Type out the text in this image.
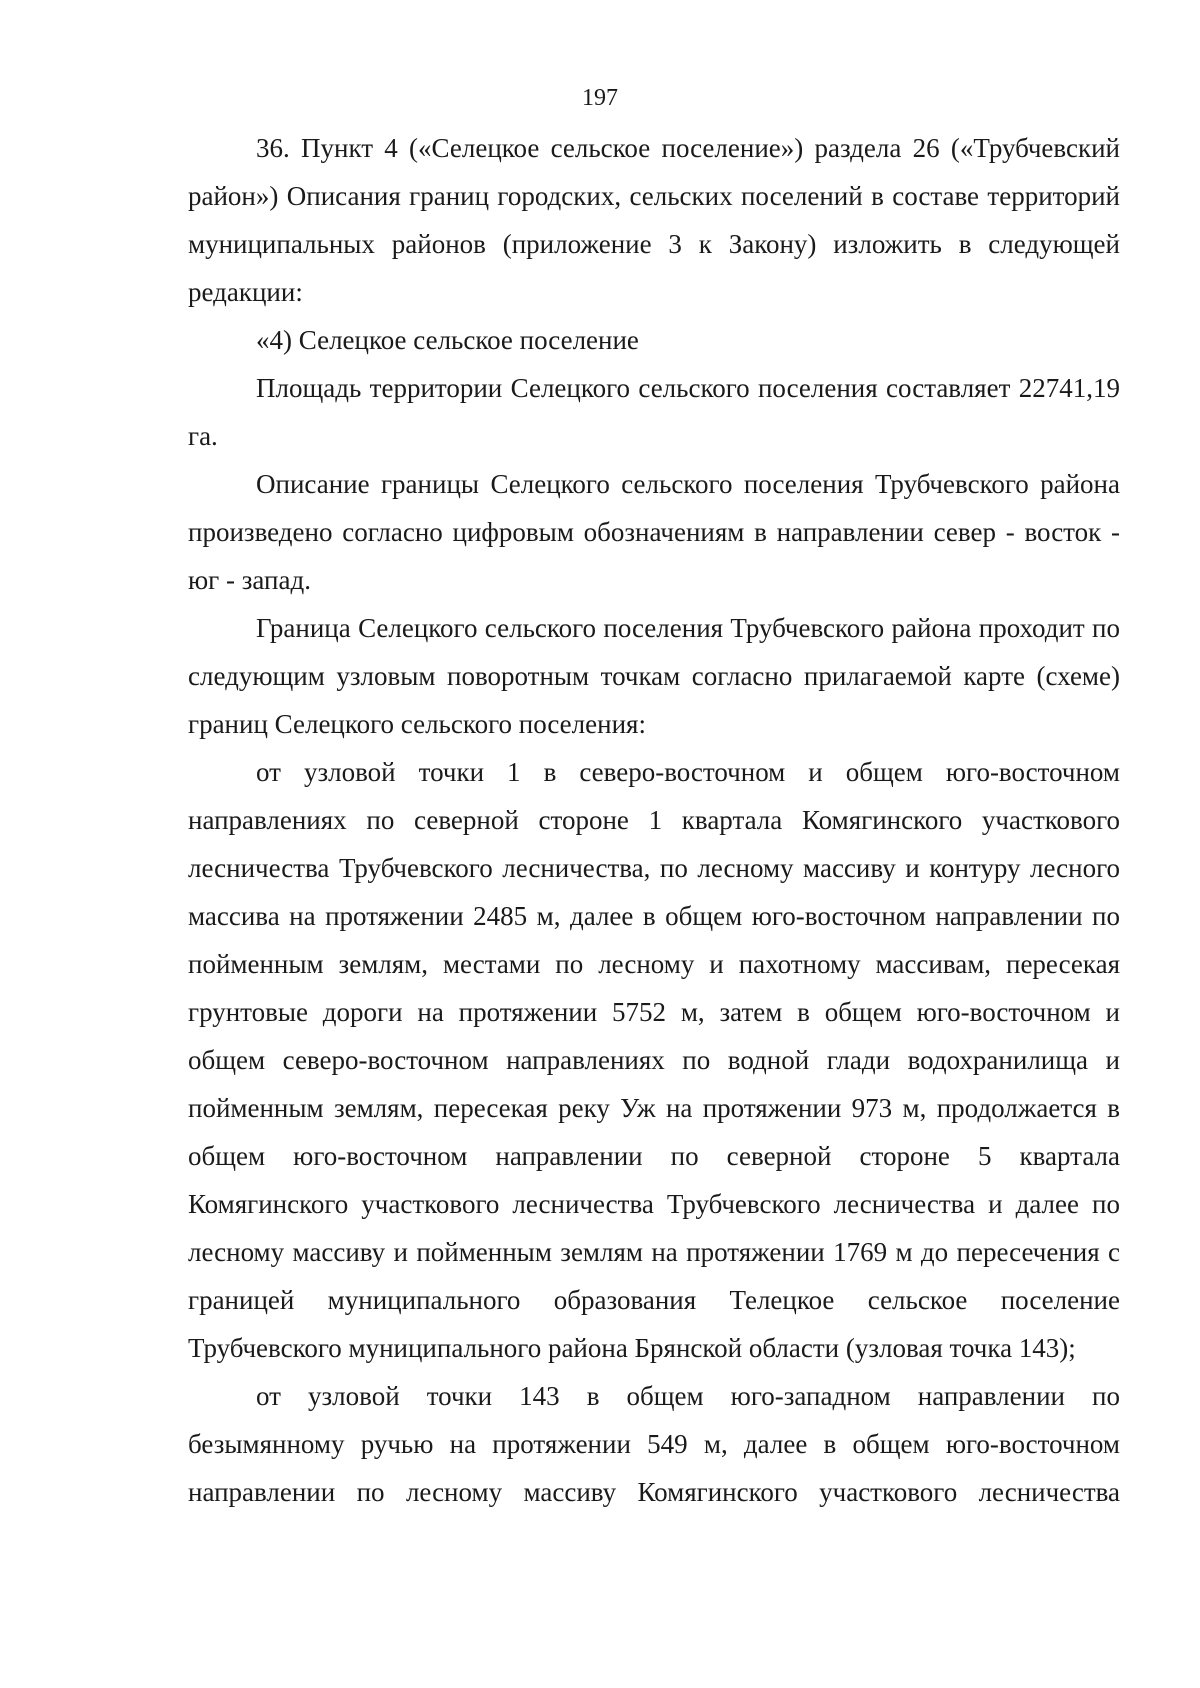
197

36. Пункт 4 («Селецкое сельское поселение») раздела 26 («Трубчевский район») Описания границ городских, сельских поселений в составе территорий муниципальных районов (приложение 3 к Закону) изложить в следующей редакции:

«4) Селецкое сельское поселение

Площадь территории Селецкого сельского поселения составляет 22741,19 га.

Описание границы Селецкого сельского поселения Трубчевского района произведено согласно цифровым обозначениям в направлении север - восток - юг - запад.

Граница Селецкого сельского поселения Трубчевского района проходит по следующим узловым поворотным точкам согласно прилагаемой карте (схеме) границ Селецкого сельского поселения:

от узловой точки 1 в северо-восточном и общем юго-восточном направлениях по северной стороне 1 квартала Комягинского участкового лесничества Трубчевского лесничества, по лесному массиву и контуру лесного массива на протяжении 2485 м, далее в общем юго-восточном направлении по пойменным землям, местами по лесному и пахотному массивам, пересекая грунтовые дороги на протяжении 5752 м, затем в общем юго-восточном и общем северо-восточном направлениях по водной глади водохранилища и пойменным землям, пересекая реку Уж на протяжении 973 м, продолжается в общем юго-восточном направлении по северной стороне 5 квартала Комягинского участкового лесничества Трубчевского лесничества и далее по лесному массиву и пойменным землям на протяжении 1769 м до пересечения с границей муниципального образования Телецкое сельское поселение Трубчевского муниципального района Брянской области (узловая точка 143);

от узловой точки 143 в общем юго-западном направлении по безымянному ручью на протяжении 549 м, далее в общем юго-восточном направлении по лесному массиву Комягинского участкового лесничества
